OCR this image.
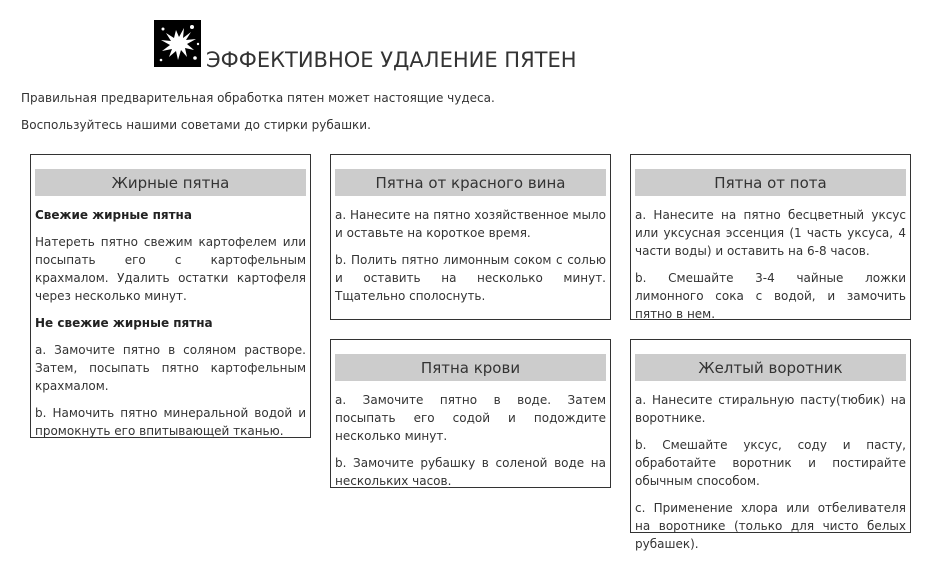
ЭФФЕКТИВНОЕ УДАЛЕНИЕ ПЯТЕН
Правильная предварительная обработка пятен может настоящие чудеса.
Воспользуйтесь нашими советами до стирки рубашки.
Жирные пятна

Свежие жирные пятна

Натереть пятно свежим картофелем или посыпать его с картофельным крахмалом. Удалить остатки картофеля через несколько минут.

Не свежие жирные пятна

a. Замочите пятно в соляном растворе. Затем, посыпать пятно картофельным крахмалом.

b. Намочить пятно минеральной водой и промокнуть его впитывающей тканью.

Пятна от красного вина

a. Нанесите на пятно хозяйственное мыло и оставьте на короткое время.

b. Полить пятно лимонным соком с солью и оставить на несколько минут. Тщательно сполоснуть.

Пятна от пота

a. Нанесите на пятно бесцветный уксус или уксусная эссенция (1 часть уксуса, 4 части воды) и оставить на 6-8 часов.

b. Смешайте 3-4 чайные ложки лимонного сока с водой, и замочить пятно в нем.

Пятна крови

a. Замочите пятно в воде. Затем посыпать его содой и подождите несколько минут.

b. Замочите рубашку в соленой воде на нескольких часов.

Желтый воротник

a. Нанесите стиральную пасту(тюбик) на воротнике.

b. Смешайте уксус, соду и пасту, обработайте воротник и постирайте обычным способом.

c. Применение хлора или отбеливателя на воротнике (только для чисто белых рубашек).
